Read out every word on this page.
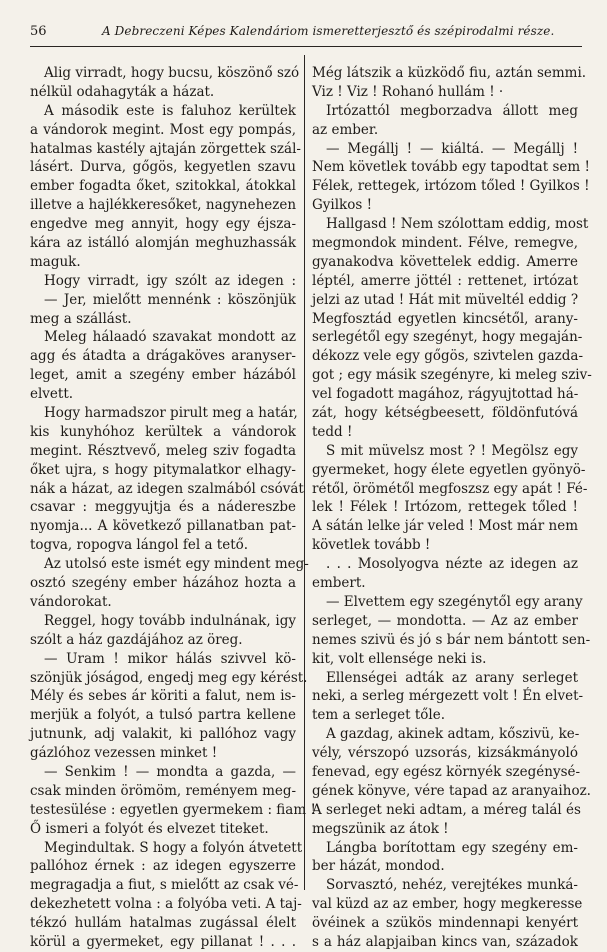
56	A Debreczeni Képes Kalendáriom ismeretterjesztő és szépirodalmi része.
Alig virradt, hogy bucsu, köszönő szó
nélkül odahagyták a házat.
A második este is faluhoz kerültek
a vándorok megint. Most egy pompás,
hatalmas kastély ajtaján zörgettek szál-
lásért. Durva, gőgös, kegyetlen szavu
ember fogadta őket, szitokkal, átokkal
illetve a hajlékkeresőket, nagynehezen
engedve meg annyit, hogy egy éjsza-
kára az istálló alomján meghuzhassák
maguk.
Hogy virradt, igy szólt az idegen :
— Jer, mielőtt mennénk : köszönjük
meg a szállást.
Meleg hálaadó szavakat mondott az
agg és átadta a drágaköves aranyser-
leget, amit a szegény ember házából
elvett.
Hogy harmadszor pirult meg a határ,
kis kunyhóhoz kerültek a vándorok
megint. Résztvevő, meleg sziv fogadta
őket ujra, s hogy pitymalatkor elhagy-
nák a házat, az idegen szalmából csóvát
csavar : meggyujtja és a nádereszbe
nyomja... A következő pillanatban pat-
togva, ropogva lángol fel a tető.
Az utolsó este ismét egy mindent meg-
osztó szegény ember házához hozta a
vándorokat.
Reggel, hogy tovább indulnának, igy
szólt a ház gazdájához az öreg.
— Uram ! mikor hálás szivvel kö-
szönjük jóságod, engedj meg egy kérést.
Mély és sebes ár köriti a falut, nem is-
merjük a folyót, a tulsó partra kellene
jutnunk, adj valakit, ki pallóhoz vagy
gázlóhoz vezessen minket !
— Senkim ! — mondta a gazda, —
csak minden örömöm, reményem meg-
testesülése : egyetlen gyermekem : fiam !
Ő ismeri a folyót és elvezet titeket.
Megindultak. S hogy a folyón átvetett
pallóhoz érnek : az idegen egyszerre
megragadja a fiut, s mielőtt az csak vé-
dekezhetett volna : a folyóba veti. A taj-
tékzó hullám hatalmas zugással élelt
körül a gyermeket, egy pillanat ! . . .
Még látszik a küzködő fiu, aztán semmi.
Viz ! Viz ! Rohanó hullám ! ·
Irtózattól megborzadva állott meg
az ember.
— Megállj ! — kiáltá. — Megállj !
Nem követlek tovább egy tapodtat sem !
Félek, rettegek, irtózom tőled ! Gyilkos !
Gyilkos !
Hallgasd ! Nem szólottam eddig, most
megmondok mindent. Félve, remegve,
gyanakodva követtelek eddig. Amerre
léptél, amerre jöttél : rettenet, irtózat
jelzi az utad ! Hát mit müveltél eddig ?
Megfosztád egyetlen kincsétől, arany-
serlegétől egy szegényt, hogy megaján-
dékozz vele egy gőgös, szivtelen gazda-
got ; egy másik szegényre, ki meleg sziv-
vel fogadott magához, rágyujtottad há-
zát, hogy kétségbeesett, földönfutóvá
tedd !
S mit müvelsz most ? ! Megölsz egy
gyermeket, hogy élete egyetlen gyönyö-
rétől, örömétől megfoszsz egy apát ! Fé-
lek ! Félek ! Irtózom, rettegek tőled !
A sátán lelke jár veled ! Most már nem
követlek tovább !
. . . Mosolyogva nézte az idegen az
embert.
— Elvettem egy szegénytől egy arany
serleget, — mondotta. — Az az ember
nemes szivü és jó s bár nem bántott sen-
kit, volt ellensége neki is.
Ellenségei adták az arany serleget
neki, a serleg mérgezett volt ! Én elvet-
tem a serleget tőle.
A gazdag, akinek adtam, kőszivü, ke-
vély, vérszopó uzsorás, kizsákmányoló
fenevad, egy egész környék szegénysé-
gének könyve, vére tapad az aranyaihoz.
A serleget neki adtam, a méreg talál és
megszünik az átok !
Lángba borítottam egy szegény em-
ber házát, mondod.
Sorvasztó, nehéz, verejtékes munká-
val küzd az az ember, hogy megkeresse
övéinek a szükös mindennapi kenyért
s a ház alapjaiban kincs van, századok
